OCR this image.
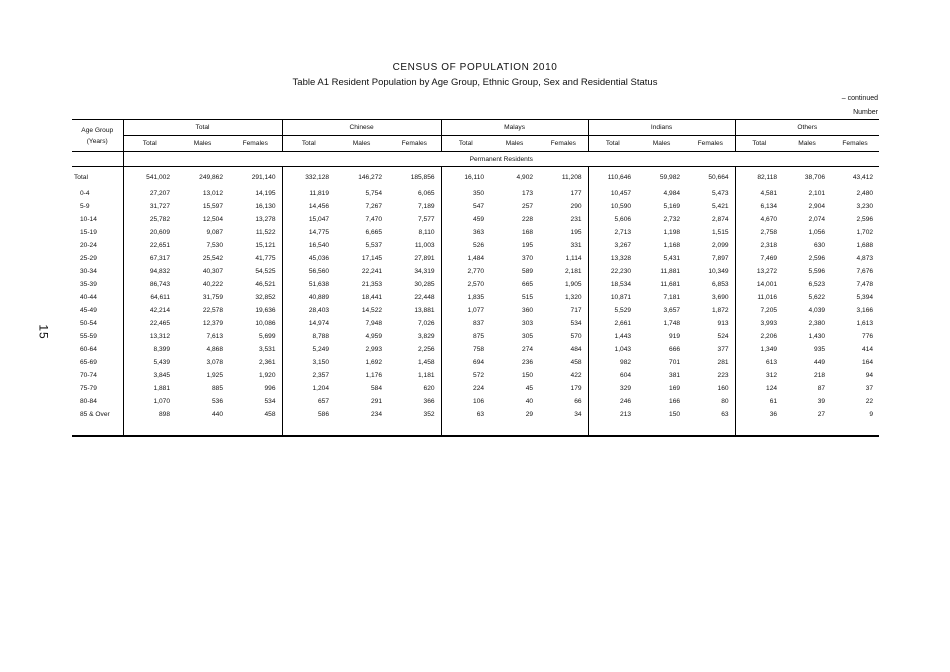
15
CENSUS OF POPULATION 2010
Table A1 Resident Population by Age Group, Ethnic Group, Sex and Residential Status
– continued
Number
Age Group
(Years)	Total			Chinese			Malays			Indians			Others		
	Total	Males	Females	Total	Males	Females	Total	Males	Females	Total	Males	Females	Total	Males	Females
	Permanent Residents														
Total	541,002	249,862	291,140	332,128	146,272	185,856	16,110	4,902	11,208	110,646	59,982	50,664	82,118	38,706	43,412
0-4	27,207	13,012	14,195	11,819	5,754	6,065	350	173	177	10,457	4,984	5,473	4,581	2,101	2,480
5-9	31,727	15,597	16,130	14,456	7,267	7,189	547	257	290	10,590	5,169	5,421	6,134	2,904	3,230
10-14	25,782	12,504	13,278	15,047	7,470	7,577	459	228	231	5,606	2,732	2,874	4,670	2,074	2,596
15-19	20,609	9,087	11,522	14,775	6,665	8,110	363	168	195	2,713	1,198	1,515	2,758	1,056	1,702
20-24	22,651	7,530	15,121	16,540	5,537	11,003	526	195	331	3,267	1,168	2,099	2,318	630	1,688
25-29	67,317	25,542	41,775	45,036	17,145	27,891	1,484	370	1,114	13,328	5,431	7,897	7,469	2,596	4,873
30-34	94,832	40,307	54,525	56,560	22,241	34,319	2,770	589	2,181	22,230	11,881	10,349	13,272	5,596	7,676
35-39	86,743	40,222	46,521	51,638	21,353	30,285	2,570	665	1,905	18,534	11,681	6,853	14,001	6,523	7,478
40-44	64,611	31,759	32,852	40,889	18,441	22,448	1,835	515	1,320	10,871	7,181	3,690	11,016	5,622	5,394
45-49	42,214	22,578	19,636	28,403	14,522	13,881	1,077	360	717	5,529	3,657	1,872	7,205	4,039	3,166
50-54	22,465	12,379	10,086	14,974	7,948	7,026	837	303	534	2,661	1,748	913	3,993	2,380	1,613
55-59	13,312	7,613	5,699	8,788	4,959	3,829	875	305	570	1,443	919	524	2,206	1,430	776
60-64	8,399	4,868	3,531	5,249	2,993	2,256	758	274	484	1,043	666	377	1,349	935	414
65-69	5,439	3,078	2,361	3,150	1,692	1,458	694	236	458	982	701	281	613	449	164
70-74	3,845	1,925	1,920	2,357	1,176	1,181	572	150	422	604	381	223	312	218	94
75-79	1,881	885	996	1,204	584	620	224	45	179	329	169	160	124	87	37
80-84	1,070	536	534	657	291	366	106	40	66	246	166	80	61	39	22
85 & Over	898	440	458	586	234	352	63	29	34	213	150	63	36	27	9
